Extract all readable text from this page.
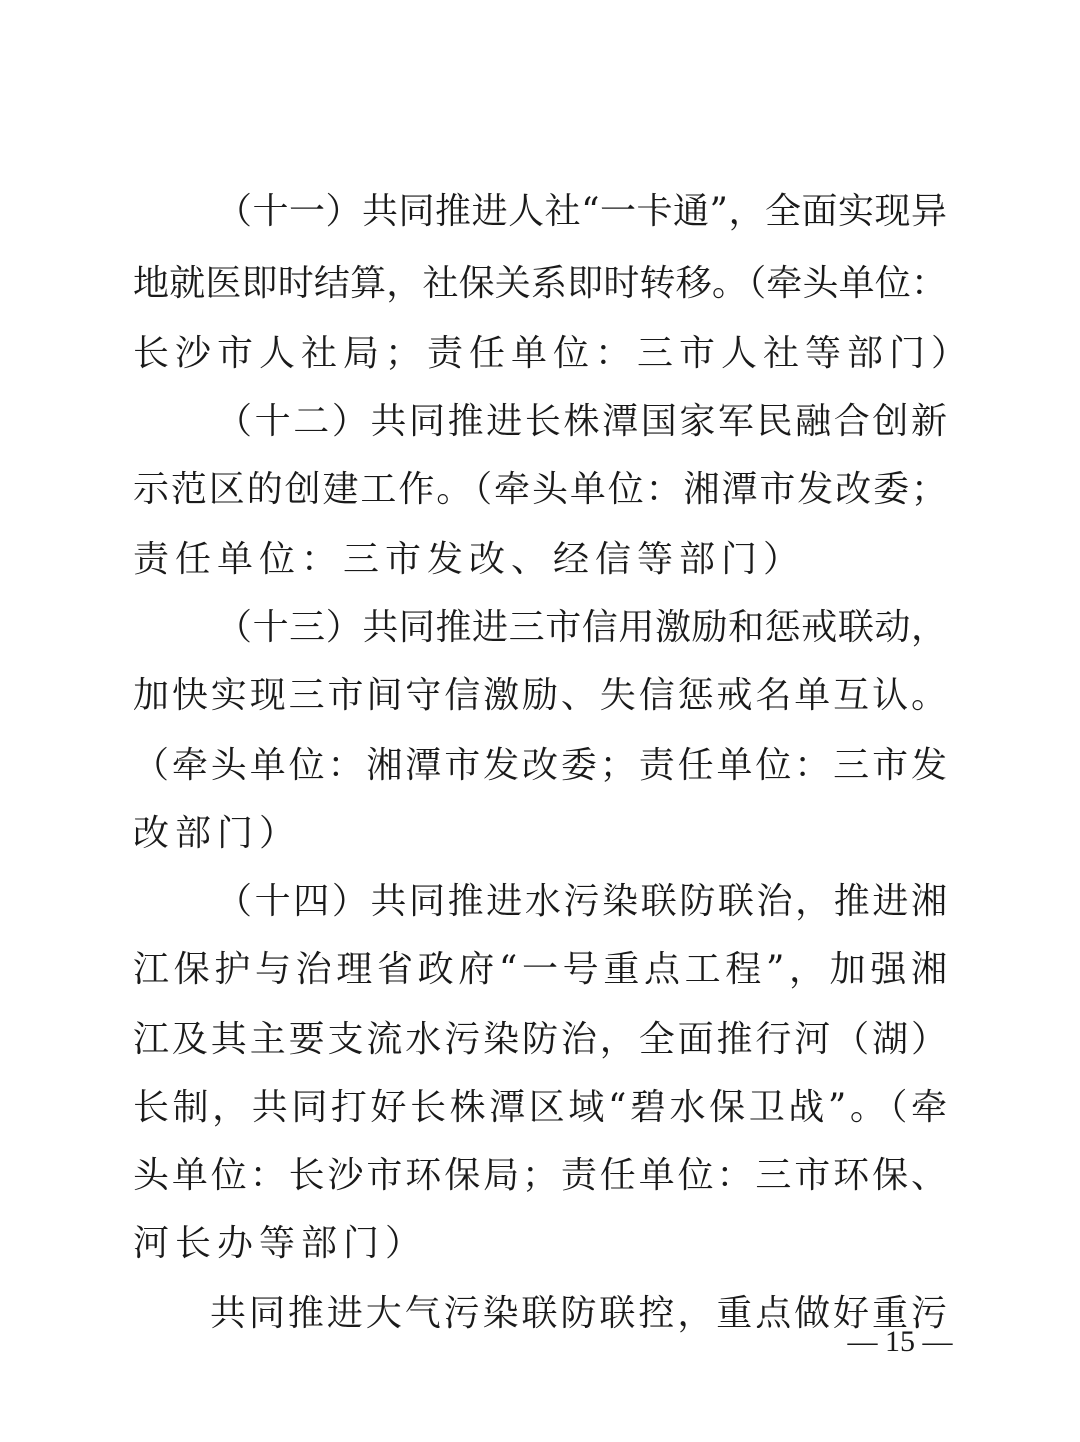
（十一）共同推进人社“一卡通”，全面实现异
地就医即时结算，社保关系即时转移。（牵头单位：
长沙市人社局；责任单位：三市人社等部门）
（十二）共同推进长株潭国家军民融合创新
示范区的创建工作。（牵头单位：湘潭市发改委；
责任单位：三市发改、经信等部门）
（十三）共同推进三市信用激励和惩戒联动，
加快实现三市间守信激励、失信惩戒名单互认。
（牵头单位：湘潭市发改委；责任单位：三市发
改部门）
（十四）共同推进水污染联防联治，推进湘
江保护与治理省政府“一号重点工程”，加强湘
江及其主要支流水污染防治，全面推行河（湖）
长制，共同打好长株潭区域“碧水保卫战”。（牵
头单位：长沙市环保局；责任单位：三市环保、
河长办等部门）
共同推进大气污染联防联控，重点做好重污
— 15 —
